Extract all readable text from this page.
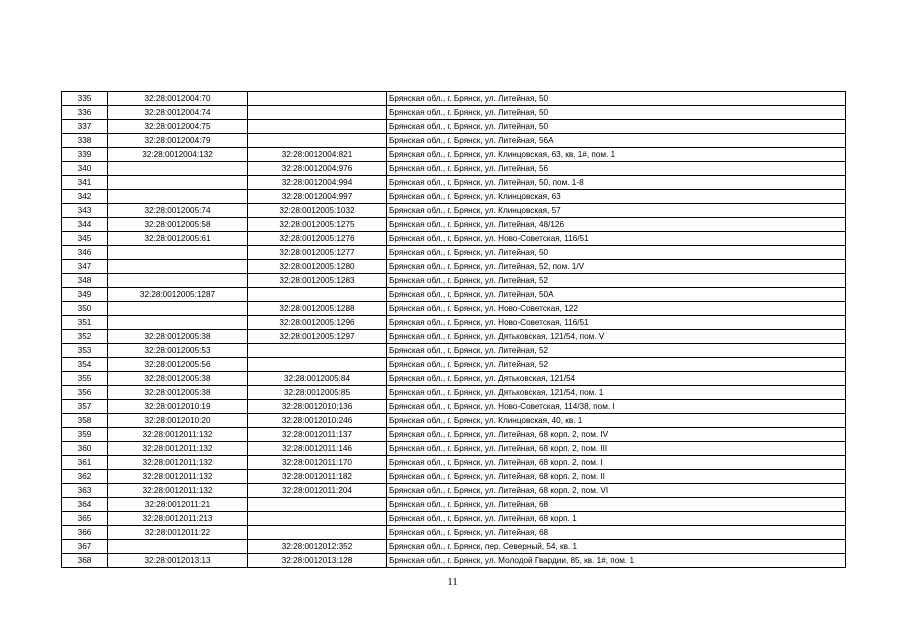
335	32:28:0012004:70		Брянская обл., г. Брянск, ул. Литейная, 50
336	32:28:0012004:74		Брянская обл., г. Брянск, ул. Литейная, 50
337	32:28:0012004:75		Брянская обл., г. Брянск, ул. Литейная, 50
338	32:28:0012004:79		Брянская обл., г. Брянск, ул. Литейная, 56А
339	32:28:0012004:132	32:28:0012004:821	Брянская обл., г. Брянск, ул. Клинцовская, 63, кв. 1#, пом. 1
340		32:28:0012004:976	Брянская обл., г. Брянск, ул. Литейная, 56
341		32:28:0012004:994	Брянская обл., г. Брянск, ул. Литейная, 50, пом. 1-8
342		32:28:0012004:997	Брянская обл., г. Брянск, ул. Клинцовская, 63
343	32:28:0012005:74	32:28:0012005:1032	Брянская обл., г. Брянск, ул. Клинцовская, 57
344	32:28:0012005:58	32:28:0012005:1275	Брянская обл., г. Брянск, ул. Литейная, 48/126
345	32:28:0012005:61	32:28:0012005:1276	Брянская обл., г. Брянск, ул. Ново-Советская, 116/51
346		32:28:0012005:1277	Брянская обл., г. Брянск, ул. Литейная, 50
347		32:28:0012005:1280	Брянская обл., г. Брянск, ул. Литейная, 52, пом. 1/V
348		32:28:0012005:1283	Брянская обл., г. Брянск, ул. Литейная, 52
349	32:28:0012005:1287		Брянская обл., г. Брянск, ул. Литейная, 50А
350		32:28:0012005:1288	Брянская обл., г. Брянск, ул. Ново-Советская, 122
351		32:28:0012005:1296	Брянская обл., г. Брянск, ул. Ново-Советская, 116/51
352	32:28:0012005:38	32:28:0012005:1297	Брянская обл., г. Брянск, ул. Дятьковская, 121/54, пом. V
353	32:28:0012005:53		Брянская обл., г. Брянск, ул. Литейная, 52
354	32:28:0012005:56		Брянская обл., г. Брянск, ул. Литейная, 52
355	32:28:0012005:38	32:28:0012005:84	Брянская обл., г. Брянск, ул. Дятьковская, 121/54
356	32:28:0012005:38	32:28:0012005:85	Брянская обл., г. Брянск, ул. Дятьковская, 121/54, пом. 1
357	32:28:0012010:19	32:28:0012010:136	Брянская обл., г. Брянск, ул. Ново-Советская, 114/38, пом. I
358	32:28:0012010:20	32:28:0012010:246	Брянская обл., г. Брянск, ул. Клинцовская, 40, кв. 1
359	32:28:0012011:132	32:28:0012011:137	Брянская обл., г. Брянск, ул. Литейная, 68 корп. 2, пом. IV
360	32:28:0012011:132	32:28:0012011:146	Брянская обл., г. Брянск, ул. Литейная, 68 корп. 2, пом. III
361	32:28:0012011:132	32:28:0012011:170	Брянская обл., г. Брянск, ул. Литейная, 68 корп. 2, пом. I
362	32:28:0012011:132	32:28:0012011:182	Брянская обл., г. Брянск, ул. Литейная, 68 корп. 2, пом. II
363	32:28:0012011:132	32:28:0012011:204	Брянская обл., г. Брянск, ул. Литейная, 68 корп. 2, пом. VI
364	32:28:0012011:21		Брянская обл., г. Брянск, ул. Литейная, 68
365	32:28:0012011:213		Брянская обл., г. Брянск, ул. Литейная, 68 корп. 1
366	32:28:0012011:22		Брянская обл., г. Брянск, ул. Литейная, 68
367		32:28:0012012:352	Брянская обл., г. Брянск, пер. Северный, 54, кв. 1
368	32:28:0012013:13	32:28:0012013:128	Брянская обл., г. Брянск, ул. Молодой Гвардии, 85, кв. 1#, пом. 1
11
